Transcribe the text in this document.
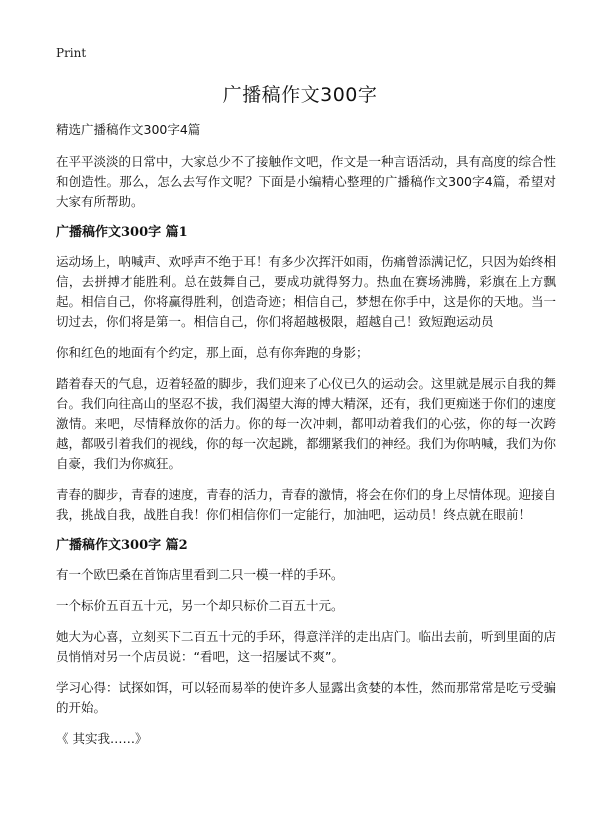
Print
广播稿作文300字
精选广播稿作文300字4篇

在平平淡淡的日常中，大家总少不了接触作文吧，作文是一种言语活动，具有高度的综合性和创造性。那么，怎么去写作文呢？下面是小编精心整理的广播稿作文300字4篇，希望对大家有所帮助。

广播稿作文300字 篇1

运动场上，呐喊声、欢呼声不绝于耳！有多少次挥汗如雨，伤痛曾添满记忆，只因为始终相信，去拼搏才能胜利。总在鼓舞自己，要成功就得努力。热血在赛场沸腾，彩旗在上方飘起。相信自己，你将赢得胜利，创造奇迹；相信自己，梦想在你手中，这是你的天地。当一切过去，你们将是第一。相信自己，你们将超越极限，超越自己！致短跑运动员

你和红色的地面有个约定，那上面，总有你奔跑的身影；

踏着春天的气息，迈着轻盈的脚步，我们迎来了心仪已久的运动会。这里就是展示自我的舞台。我们向往高山的坚忍不拔，我们渴望大海的博大精深，还有，我们更痴迷于你们的速度激情。来吧，尽情释放你的活力。你的每一次冲刺，都叩动着我们的心弦，你的每一次跨越，都吸引着我们的视线，你的每一次起跳，都绷紧我们的神经。我们为你呐喊，我们为你自豪，我们为你疯狂。

青春的脚步，青春的速度，青春的活力，青春的激情，将会在你们的身上尽情体现。迎接自我，挑战自我，战胜自我！你们相信你们一定能行，加油吧，运动员！终点就在眼前！

广播稿作文300字 篇2

有一个欧巴桑在首饰店里看到二只一模一样的手环。

一个标价五百五十元，另一个却只标价二百五十元。

她大为心喜，立刻买下二百五十元的手环，得意洋洋的走出店门。临出去前，听到里面的店员悄悄对另一个店员说：“看吧，这一招屡试不爽”。

学习心得：试探如饵，可以轻而易举的使许多人显露出贪婪的本性，然而那常常是吃亏受骗的开始。

《 其实我……》
